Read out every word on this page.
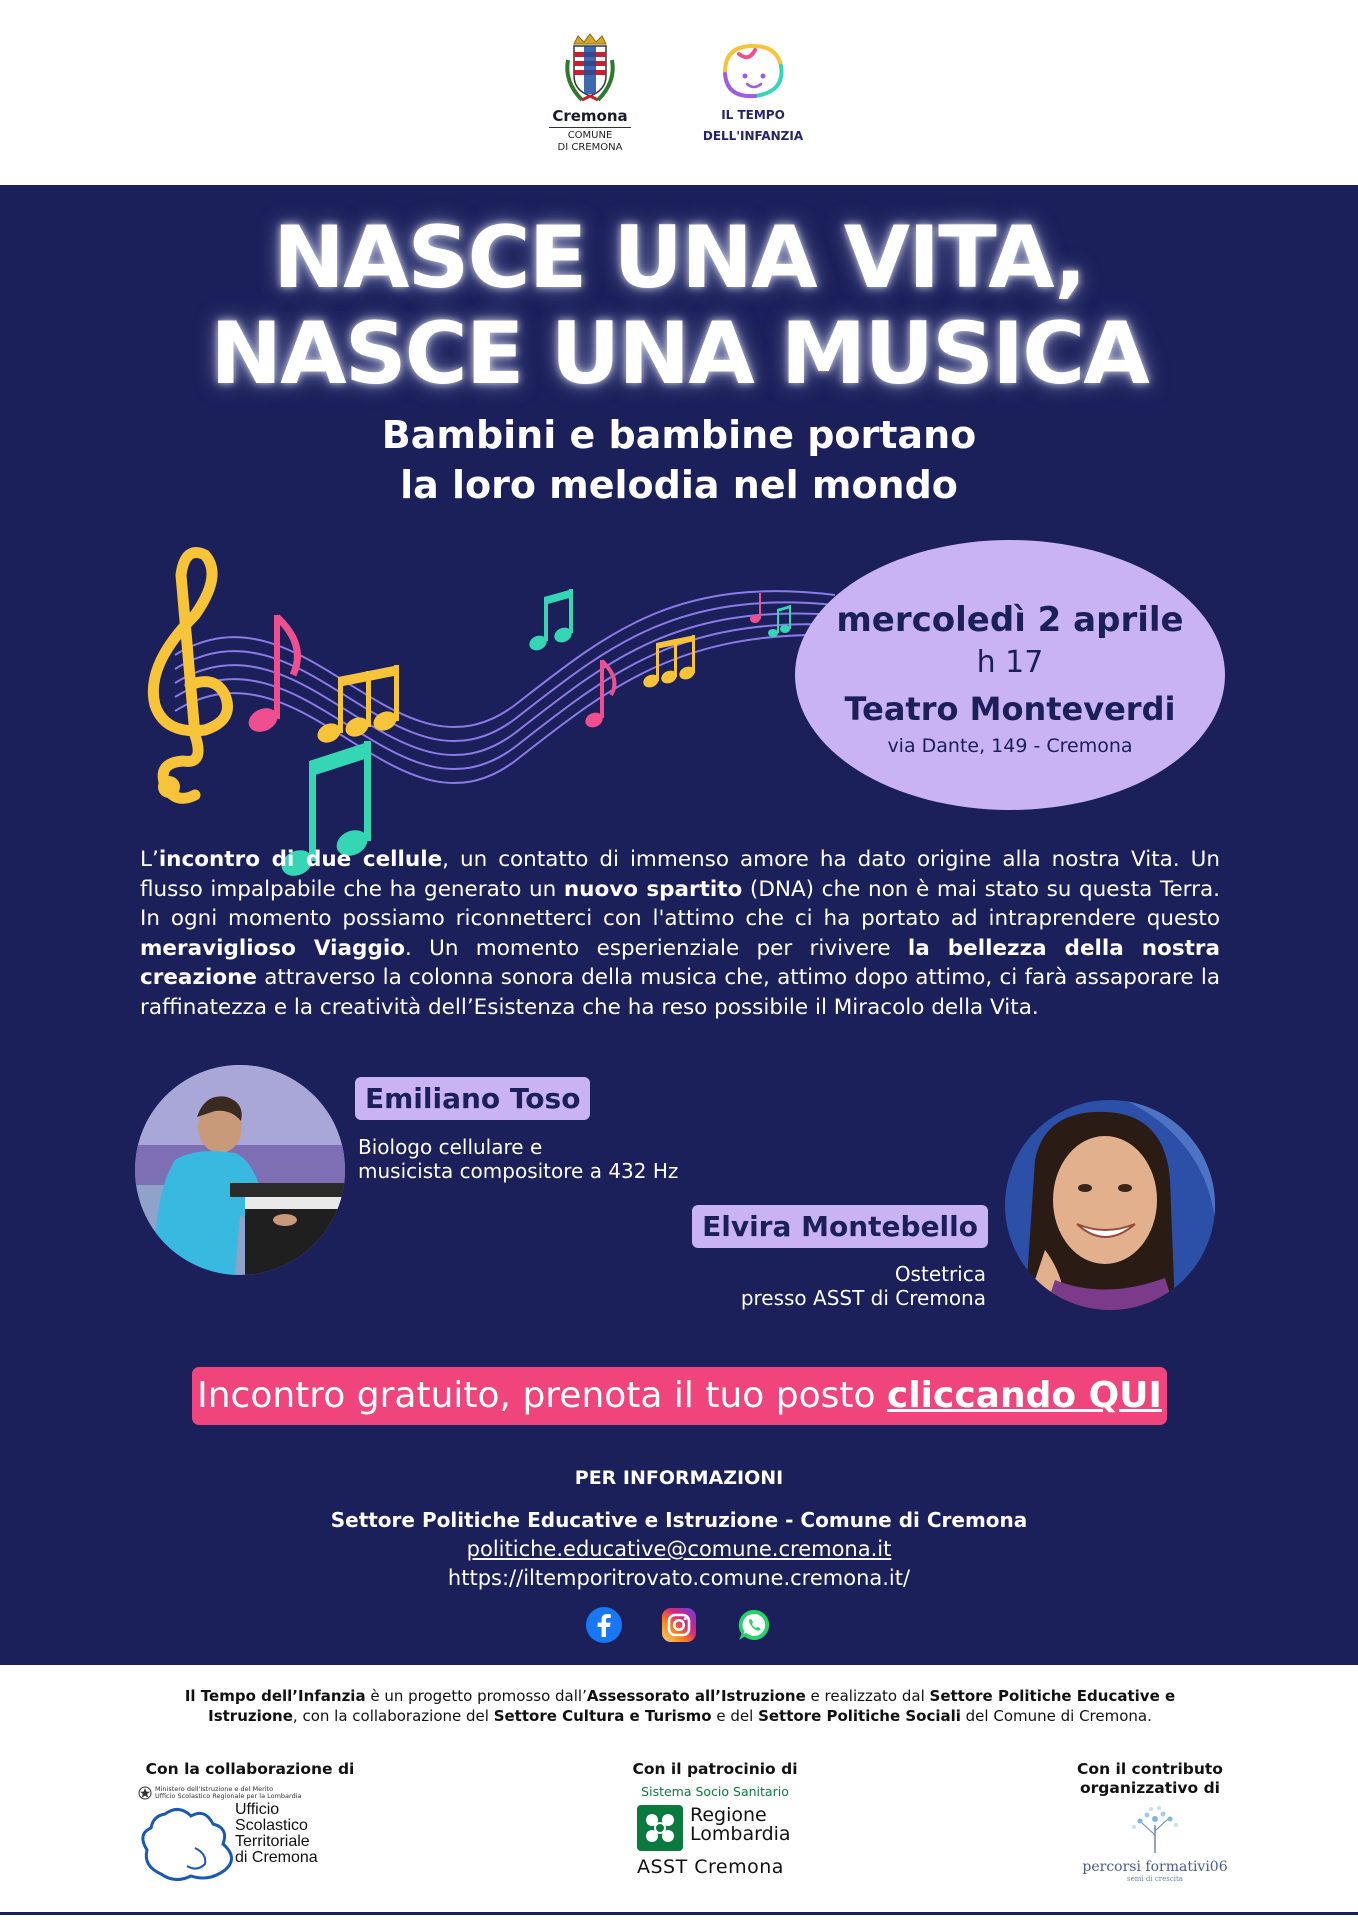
Cremona
COMUNE
DI CREMONA
IL TEMPO
DELL'INFANZIA
NASCE UNA VITA,
NASCE UNA MUSICA
Bambini e bambine portano
la loro melodia nel mondo
mercoledì 2 aprile
h 17
Teatro Monteverdi
via Dante, 149 - Cremona

L’incontro di due cellule, un contatto di immenso amore ha dato origine alla nostra Vita. Un flusso impalpabile che ha generato un nuovo spartito (DNA) che non è mai stato su questa Terra. In ogni momento possiamo riconnetterci con l'attimo che ci ha portato ad intraprendere questo meraviglioso Viaggio. Un momento esperienziale per rivivere la bellezza della nostra creazione attraverso la colonna sonora della musica che, attimo dopo attimo, ci farà assaporare la raffinatezza e la creatività dell’Esistenza che ha reso possibile il Miracolo della Vita.

Emiliano Toso
Biologo cellulare e
musicista compositore a 432 Hz
Elvira Montebello
Ostetrica
presso ASST di Cremona
Incontro gratuito, prenota il tuo posto cliccando QUI
PER INFORMAZIONI
Settore Politiche Educative e Istruzione - Comune di Cremona
politiche.educative@comune.cremona.it
https://iltemporitrovato.comune.cremona.it/

Il Tempo dell’Infanzia è un progetto promosso dall’Assessorato all’Istruzione e realizzato dal Settore Politiche Educative e Istruzione, con la collaborazione del Settore Cultura e Turismo e del Settore Politiche Sociali del Comune di Cremona.

Con la collaborazione di	Con il patrocinio di	Con il contributo
organizzativo di
Ministero dell'Istruzione e del Merito
Ufficio Scolastico Regionale per la Lombardia
Ufficio
Scolastico
Territoriale
di Cremona
Sistema Socio Sanitario
Regione
Lombardia
ASST Cremona	percorsi formativi06
semi di crescita
